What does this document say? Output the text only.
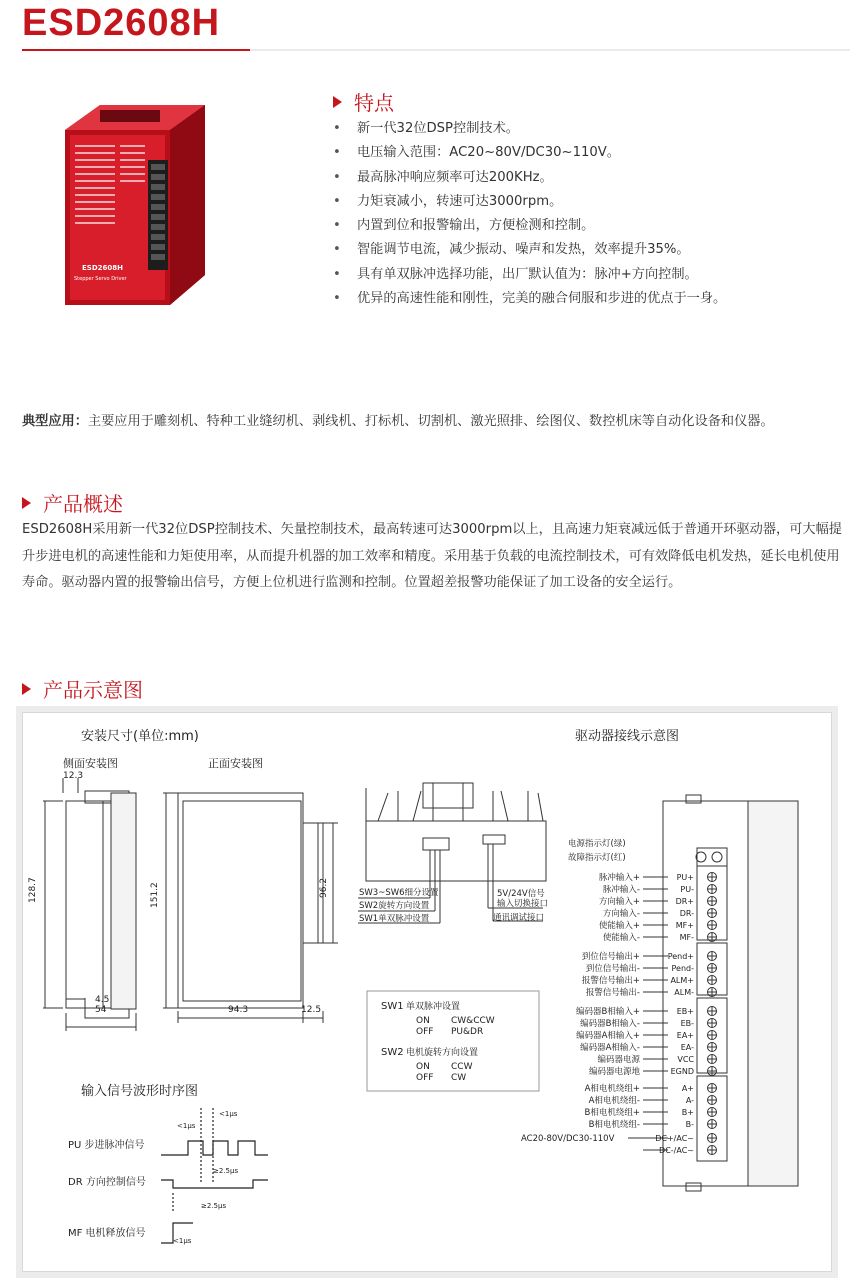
ESD2608H
ESD2608H
Stepper Servo Driver
特点
• 新一代32位DSP控制技术。
• 电压输入范围：AC20~80V/DC30~110V。
• 最高脉冲响应频率可达200KHz。
• 力矩衰减小，转速可达3000rpm。
• 内置到位和报警输出，方便检测和控制。
• 智能调节电流，减少振动、噪声和发热，效率提升35%。
• 具有单双脉冲选择功能，出厂默认值为：脉冲+方向控制。
• 优异的高速性能和刚性，完美的融合伺服和步进的优点于一身。
典型应用：主要应用于雕刻机、特种工业缝纫机、剥线机、打标机、切割机、激光照排、绘图仪、数控机床等自动化设备和仪器。
产品概述
ESD2608H采用新一代32位DSP控制技术、矢量控制技术，最高转速可达3000rpm以上，且高速力矩衰减远低于普通开环驱动器，可大幅提升步进电机的高速性能和力矩使用率，从而提升机器的加工效率和精度。采用基于负载的电流控制技术，可有效降低电机发热，延长电机使用寿命。驱动器内置的报警输出信号，方便上位机进行监测和控制。位置超差报警功能保证了加工设备的安全运行。
产品示意图
安装尺寸(单位:mm)
侧面安装图	正面安装图
驱动器接线示意图
12.3
128.7
4.5
54
151.2	96.2
94.3	12.5
SW3~SW6细分设置
SW2旋转方向设置
SW1单双脉冲设置
5V/24V信号
输入切换接口
通讯调试接口
SW1 单双脉冲设置
ON CW&CCW
OFF PU&DR
SW2 电机旋转方向设置
ON CCW
OFF CW
输入信号波形时序图
PU 步进脉冲信号
DR 方向控制信号
MF 电机释放信号
<1μs
<1μs
≥2.5μs
≥2.5μs
<1μs
电源指示灯(绿)
故障指示灯(红)
脉冲输入+	PU+
脉冲输入-	PU-
方向输入+	DR+
方向输入-	DR-
使能输入+	MF+
使能输入-	MF-
到位信号输出+	Pend+
到位信号输出-	Pend-
报警信号输出+	ALM+
报警信号输出-	ALM-
编码器B相输入+	EB+
编码器B相输入-	EB-
编码器A相输入+	EA+
编码器A相输入-	EA-
编码器电源	VCC
编码器电源地	EGND
A相电机绕组+	A+
A相电机绕组-	A-
B相电机绕组+	B+
B相电机绕组-	B-
AC20-80V/DC30-110V	DC+/AC~
DC-/AC~
